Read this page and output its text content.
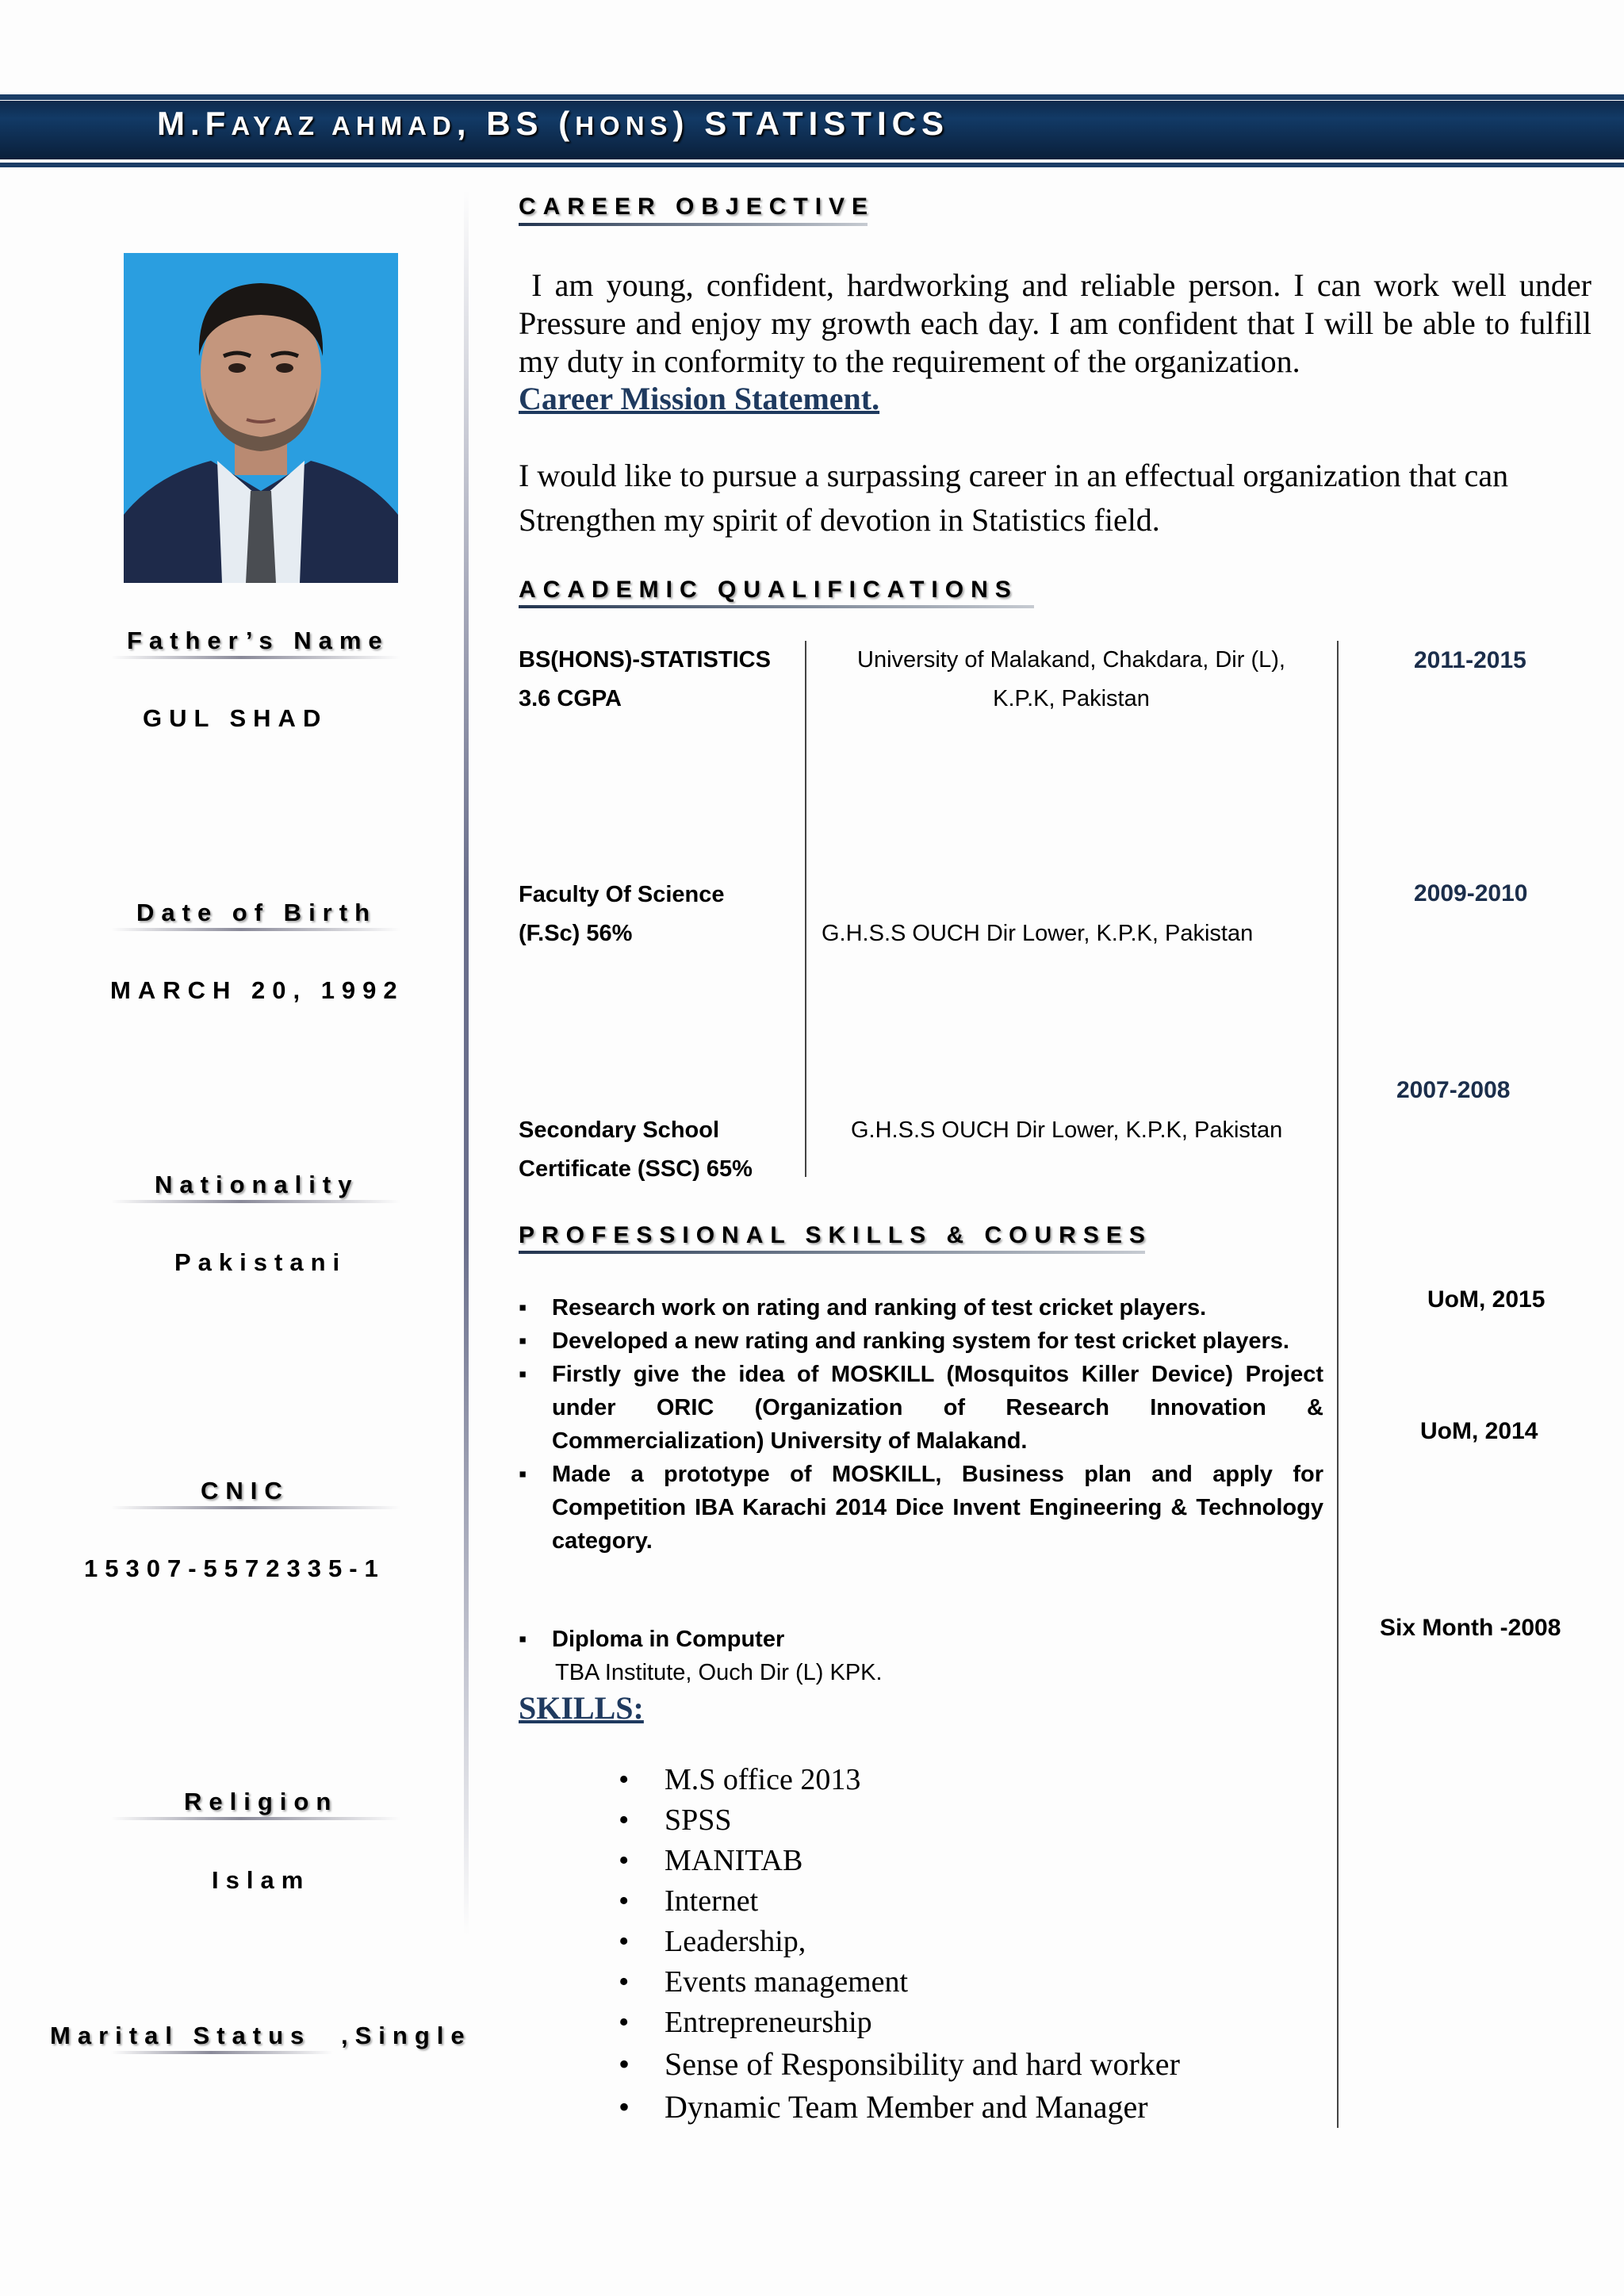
M.FAYAZ AHMAD, BS (HONS) STATISTICS
Father’s Name
GUL SHAD
Date of Birth
MARCH 20, 1992
Nationality
Pakistani
CNIC
15307-5572335-1
Religion
Islam
Marital Status ,Single
CAREER OBJECTIVE
I am young, confident, hardworking and reliable person. I can work well under Pressure and enjoy my growth each day. I am confident that I will be able to fulfill my duty in conformity to the requirement of the organization.
Career Mission Statement.
I would like to pursue a surpassing career in an effectual organization that can Strengthen my spirit of devotion in Statistics field.
ACADEMIC QUALIFICATIONS
BS(HONS)-STATISTICS
3.6 CGPA
University of Malakand, Chakdara, Dir (L),
K.P.K, Pakistan
2011-2015
Faculty Of Science
(F.Sc) 56%	G.H.S.S OUCH Dir Lower, K.P.K, Pakistan
2009-2010
Secondary School
Certificate (SSC) 65%
G.H.S.S OUCH Dir Lower, K.P.K, Pakistan
2007-2008
PROFESSIONAL SKILLS & COURSES
▪ Research work on rating and ranking of test cricket players.
▪ Developed a new rating and ranking system for test cricket players.
▪ Firstly give the idea of MOSKILL (Mosquitos Killer Device) Project under ORIC (Organization of Research Innovation & Commercialization) University of Malakand.
▪ Made a prototype of MOSKILL, Business plan and apply for Competition IBA Karachi 2014 Dice Invent Engineering & Technology category.
▪ Diploma in Computer
TBA Institute, Ouch Dir (L) KPK.
UoM, 2015
UoM, 2014
Six Month -2008
SKILLS:
• M.S office 2013
• SPSS
• MANITAB
• Internet
• Leadership,
• Events management
• Entrepreneurship
• Sense of Responsibility and hard worker
• Dynamic Team Member and Manager
